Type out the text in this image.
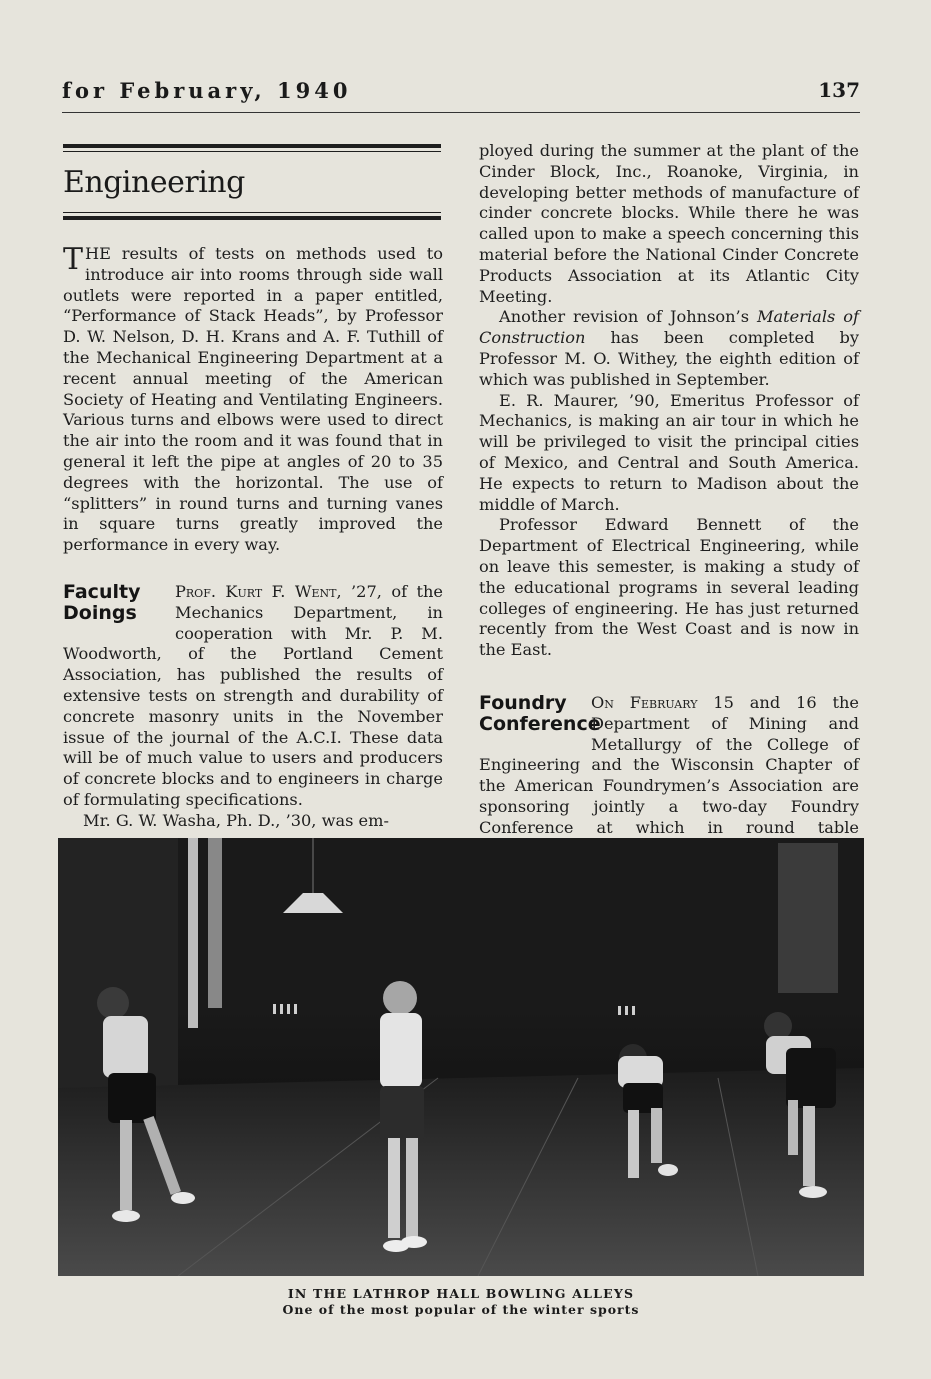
for February, 1940	137
Engineering

THE results of tests on methods used to introduce air into rooms through side wall outlets were reported in a paper entitled, “Performance of Stack Heads”, by Professor D. W. Nelson, D. H. Krans and A. F. Tuthill of the Mechanical Engineering Department at a recent annual meeting of the American Society of Heating and Ventilating Engineers. Various turns and elbows were used to direct the air into the room and it was found that in general it left the pipe at angles of 20 to 35 degrees with the horizontal. The use of “splitters” in round turns and turning vanes in square turns greatly improved the performance in every way.

Faculty
Doings
Prof. Kurt F. Went, ’27, of the Mechanics Department, in cooperation with Mr. P. M. Woodworth, of the Portland Cement Association, has published the results of extensive tests on strength and durability of concrete masonry units in the November issue of the journal of the A.C.I. These data will be of much value to users and producers of concrete blocks and to engineers in charge of formulating specifications.

Mr. G. W. Washa, Ph. D., ’30, was em-

ployed during the summer at the plant of the Cinder Block, Inc., Roanoke, Virginia, in developing better methods of manufacture of cinder concrete blocks. While there he was called upon to make a speech concerning this material before the National Cinder Concrete Products Association at its Atlantic City Meeting.

Another revision of Johnson’s Materials of Construction has been completed by Professor M. O. Withey, the eighth edition of which was published in September.

E. R. Maurer, ’90, Emeritus Professor of Mechanics, is making an air tour in which he will be privileged to visit the principal cities of Mexico, and Central and South America. He expects to return to Madison about the middle of March.

Professor Edward Bennett of the Department of Electrical Engineering, while on leave this semester, is making a study of the educational programs in several leading colleges of engineering. He has just returned recently from the West Coast and is now in the East.

Foundry
Conference
On February 15 and 16 the Department of Mining and Metallurgy of the College of Engineering and the Wisconsin Chapter of the American Foundrymen’s Association are sponsoring jointly a two-day Foundry Conference at which in round table

IN THE LATHROP HALL BOWLING ALLEYS
One of the most popular of the winter sports
